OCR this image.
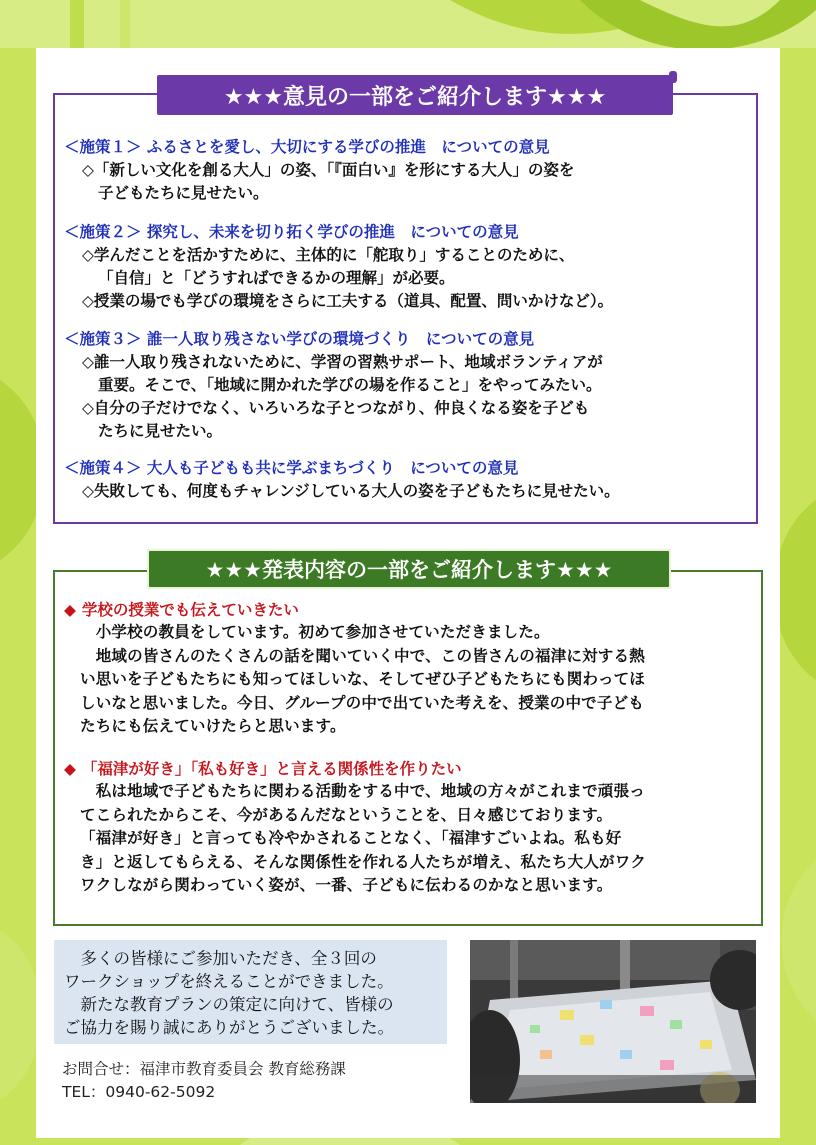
★★★意見の一部をご紹介します★★★
＜施策１＞ ふるさとを愛し、大切にする学びの推進　についての意見
◇「新しい文化を創る大人」の姿、「『面白い』を形にする大人」の姿を
子どもたちに見せたい。
＜施策２＞ 探究し、未来を切り拓く学びの推進　についての意見
◇学んだことを活かすために、主体的に「舵取り」することのために、
「自信」と「どうすればできるかの理解」が必要。
◇授業の場でも学びの環境をさらに工夫する（道具、配置、問いかけなど）。
＜施策３＞ 誰一人取り残さない学びの環境づくり　についての意見
◇誰一人取り残されないために、学習の習熟サポート、地域ボランティアが
重要。そこで、「地域に開かれた学びの場を作ること」をやってみたい。
◇自分の子だけでなく、いろいろな子とつながり、仲良くなる姿を子ども
たちに見せたい。
＜施策４＞ 大人も子どもも共に学ぶまちづくり　についての意見
◇失敗しても、何度もチャレンジしている大人の姿を子どもたちに見せたい。
★★★発表内容の一部をご紹介します★★★
◆ 学校の授業でも伝えていきたい
　小学校の教員をしています。初めて参加させていただきました。
　地域の皆さんのたくさんの話を聞いていく中で、この皆さんの福津に対する熱
い思いを子どもたちにも知ってほしいな、そしてぜひ子どもたちにも関わってほ
しいなと思いました。今日、グループの中で出ていた考えを、授業の中で子ども
たちにも伝えていけたらと思います。
◆ 「福津が好き」「私も好き」と言える関係性を作りたい
　私は地域で子どもたちに関わる活動をする中で、地域の方々がこれまで頑張っ
てこられたからこそ、今があるんだなということを、日々感じております。
「福津が好き」と言っても冷やかされることなく、「福津すごいよね。私も好
き」と返してもらえる、そんな関係性を作れる人たちが増え、私たち大人がワク
ワクしながら関わっていく姿が、一番、子どもに伝わるのかなと思います。
　多くの皆様にご参加いただき、全３回の
ワークショップを終えることができました。
　新たな教育プランの策定に向けて、皆様の
ご協力を賜り誠にありがとうございました。
お問合せ：福津市教育委員会 教育総務課
TEL：0940-62-5092
